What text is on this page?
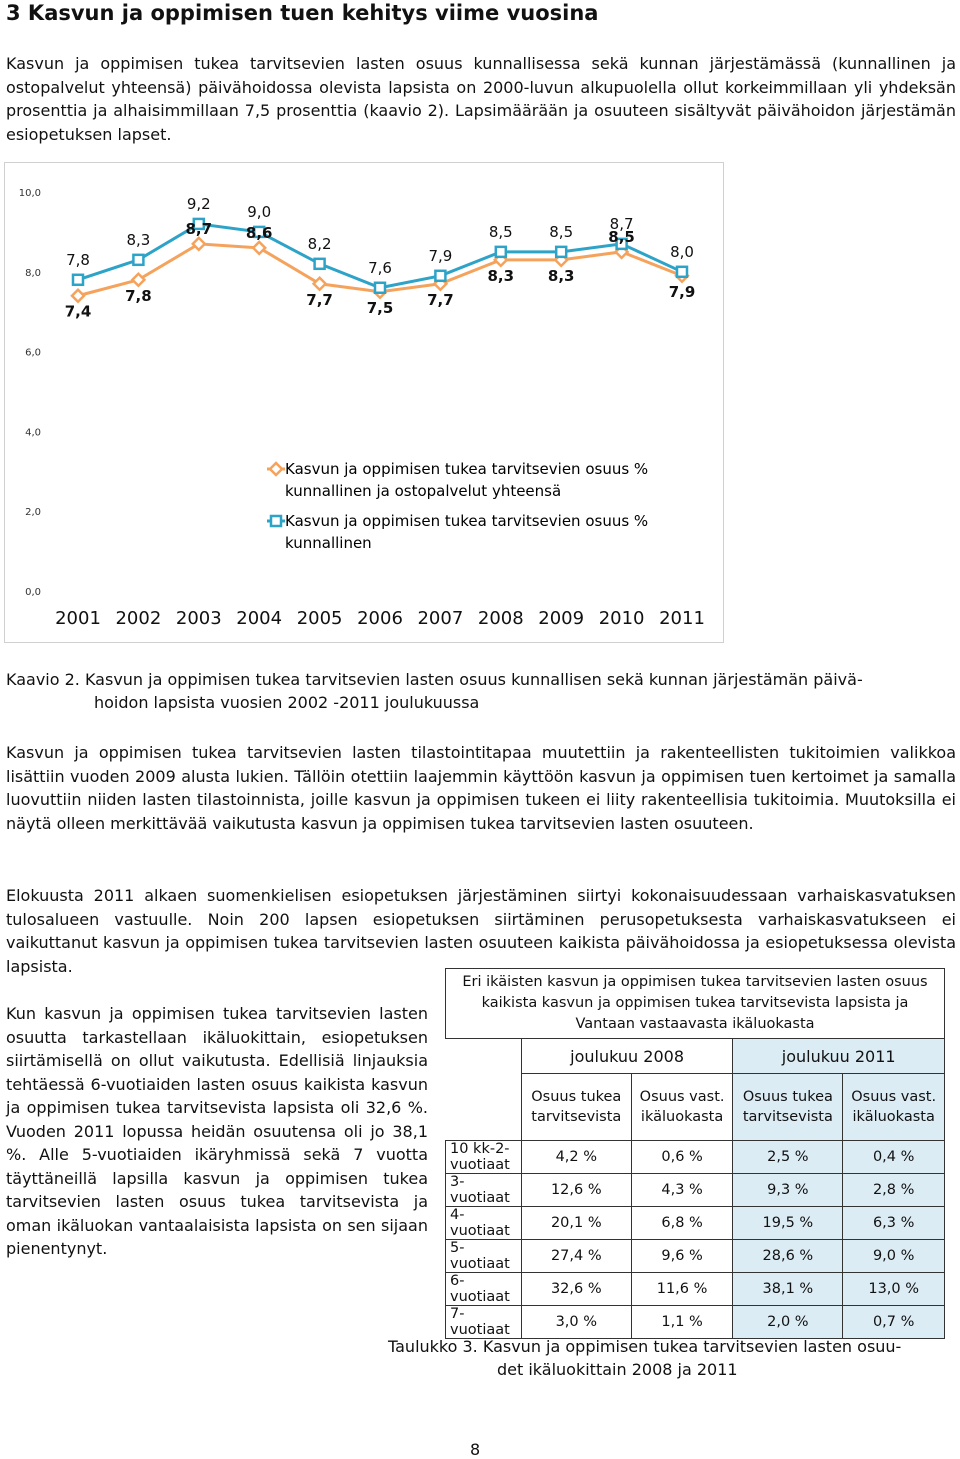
3 Kasvun ja oppimisen tuen kehitys viime vuosina

Kasvun ja oppimisen tukea tarvitsevien lasten osuus kunnallisessa sekä kunnan järjestämässä (kunnallinen ja ostopalvelut yhteensä) päivähoidossa olevista lapsista on 2000-luvun alkupuolella ollut korkeimmillaan yli yhdeksän prosenttia ja alhaisimmillaan 7,5 prosenttia (kaavio 2). Lapsimäärään ja osuuteen sisältyvät päivähoidon järjestämän esiopetuksen lapset.

0,0
2,0
4,0
6,0
8,0
10,0
2001 2002 2003 2004 2005 2006 2007 2008 2009 2010 2011
7,4
7,8
8,7 8,6
7,7 7,5 7,7
8,3 8,3
8,5
7,9
7,8
8,3
9,2 9,0
8,2
7,6
7,9
8,5 8,5 8,7
8,0
Kasvun ja oppimisen tukea tarvitsevien osuus %
kunnallinen ja ostopalvelut yhteensä
Kasvun ja oppimisen tukea tarvitsevien osuus %
kunnallinen
Kaavio 2. Kasvun ja oppimisen tukea tarvitsevien lasten osuus kunnallisen sekä kunnan järjestämän päivä-
hoidon lapsista vuosien 2002 -2011 joulukuussa

Kasvun ja oppimisen tukea tarvitsevien lasten tilastointitapaa muutettiin ja rakenteellisten tukitoimien valikkoa lisättiin vuoden 2009 alusta lukien. Tällöin otettiin laajemmin käyttöön kasvun ja oppimisen tuen kertoimet ja samalla luovuttiin niiden lasten tilastoinnista, joille kasvun ja oppimisen tukeen ei liity rakenteellisia tukitoimia. Muutoksilla ei näytä olleen merkittävää vaikutusta kasvun ja oppimisen tukea tarvitsevien lasten osuuteen.

Elokuusta 2011 alkaen suomenkielisen esiopetuksen järjestäminen siirtyi kokonaisuudessaan varhaiskasvatuksen tulosalueen vastuulle. Noin 200 lapsen esiopetuksen siirtäminen perusopetuksesta varhaiskasvatukseen ei vaikuttanut kasvun ja oppimisen tukea tarvitsevien lasten osuuteen kaikista päivähoidossa ja esiopetuksessa olevista lapsista.

Kun kasvun ja oppimisen tukea tarvitsevien lasten osuutta tarkastellaan ikäluokittain, esiopetuksen siirtämisellä on ollut vaikutusta. Edellisiä linjauksia tehtäessä 6-vuotiaiden lasten osuus kaikista kasvun ja oppimisen tukea tarvitsevista lapsista oli 32,6 %. Vuoden 2011 lopussa heidän osuutensa oli jo 38,1 %. Alle 5-vuotiaiden ikäryhmissä sekä 7 vuotta täyttäneillä lapsilla kasvun ja oppimisen tukea tarvitsevien lasten osuus tukea tarvitsevista ja oman ikäluokan vantaalaisista lapsista on sen sijaan pienentynyt.

Eri ikäisten kasvun ja oppimisen tukea tarvitsevien lasten osuus kaikista kasvun ja oppimisen tukea tarvitsevista lapsista ja Vantaan vastaavasta ikäluokasta				
	joulukuu 2008		joulukuu 2011	
	Osuus tukea tarvitsevista	Osuus vast. ikäluokasta	Osuus tukea tarvitsevista	Osuus vast. ikäluokasta
10 kk-2-vuotiaat	4,2 %	0,6 %	2,5 %	0,4 %
3-vuotiaat	12,6 %	4,3 %	9,3 %	2,8 %
4-vuotiaat	20,1 %	6,8 %	19,5 %	6,3 %
5-vuotiaat	27,4 %	9,6 %	28,6 %	9,0 %
6-vuotiaat	32,6 %	11,6 %	38,1 %	13,0 %
7-vuotiaat	3,0 %	1,1 %	2,0 %	0,7 %
Taulukko 3. Kasvun ja oppimisen tukea tarvitsevien lasten osuu-
det ikäluokittain 2008 ja 2011
8
